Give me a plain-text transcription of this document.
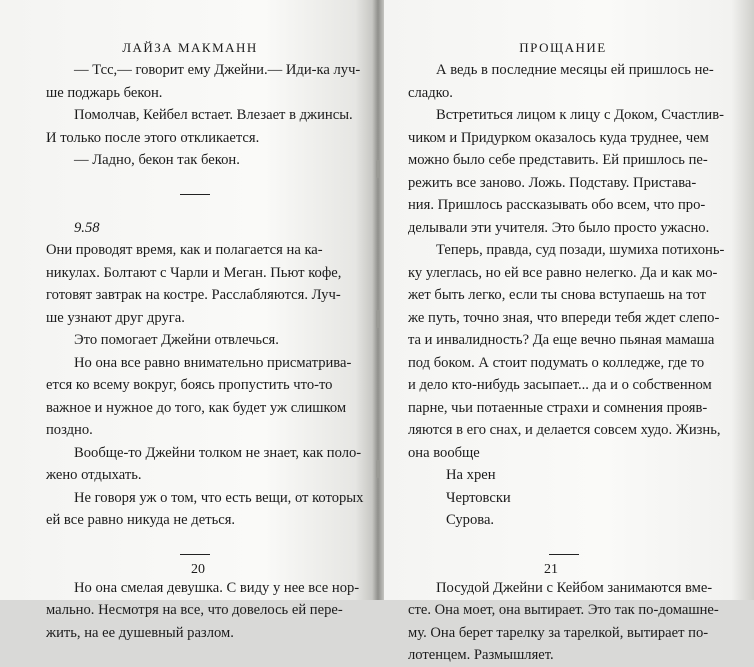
ЛАЙЗА МАКМАНН
— Тсс,— говорит ему Джейни.— Иди-ка луч-
ше поджарь бекон.
Помолчав, Кейбел встает. Влезает в джинсы.
И только после этого откликается.
— Ладно, бекон так бекон.
9.58
Они проводят время, как и полагается на ка-
никулах. Болтают с Чарли и Меган. Пьют кофе,
готовят завтрак на костре. Расслабляются. Луч-
ше узнают друг друга.
Это помогает Джейни отвлечься.
Но она все равно внимательно присматрива-
ется ко всему вокруг, боясь пропустить что-то
важное и нужное до того, как будет уж слишком
поздно.
Вообще-то Джейни толком не знает, как поло-
жено отдыхать.
Не говоря уж о том, что есть вещи, от которых
ей все равно никуда не деться.
Но она смелая девушка. С виду у нее все нор-
мально. Несмотря на все, что довелось ей пере-
жить, на ее душевный разлом.
20
ПРОЩАНИЕ
А ведь в последние месяцы ей пришлось не-
сладко.
Встретиться лицом к лицу с Доком, Счастлив-
чиком и Придурком оказалось куда труднее, чем
можно было себе представить. Ей пришлось пе-
режить все заново. Ложь. Подставу. Пристава-
ния. Пришлось рассказывать обо всем, что про-
делывали эти учителя. Это было просто ужасно.
Теперь, правда, суд позади, шумиха потихонь-
ку улеглась, но ей все равно нелегко. Да и как мо-
жет быть легко, если ты снова вступаешь на тот
же путь, точно зная, что впереди тебя ждет слепо-
та и инвалидность? Да еще вечно пьяная мамаша
под боком. А стоит подумать о колледже, где то
и дело кто-нибудь засыпает... да и о собственном
парне, чьи потаенные страхи и сомнения прояв-
ляются в его снах, и делается совсем худо. Жизнь,
она вообще
На хрен
Чертовски
Сурова.
Посудой Джейни с Кейбом занимаются вме-
сте. Она моет, она вытирает. Это так по-домашне-
му. Она берет тарелку за тарелкой, вытирает по-
лотенцем. Размышляет.
21
